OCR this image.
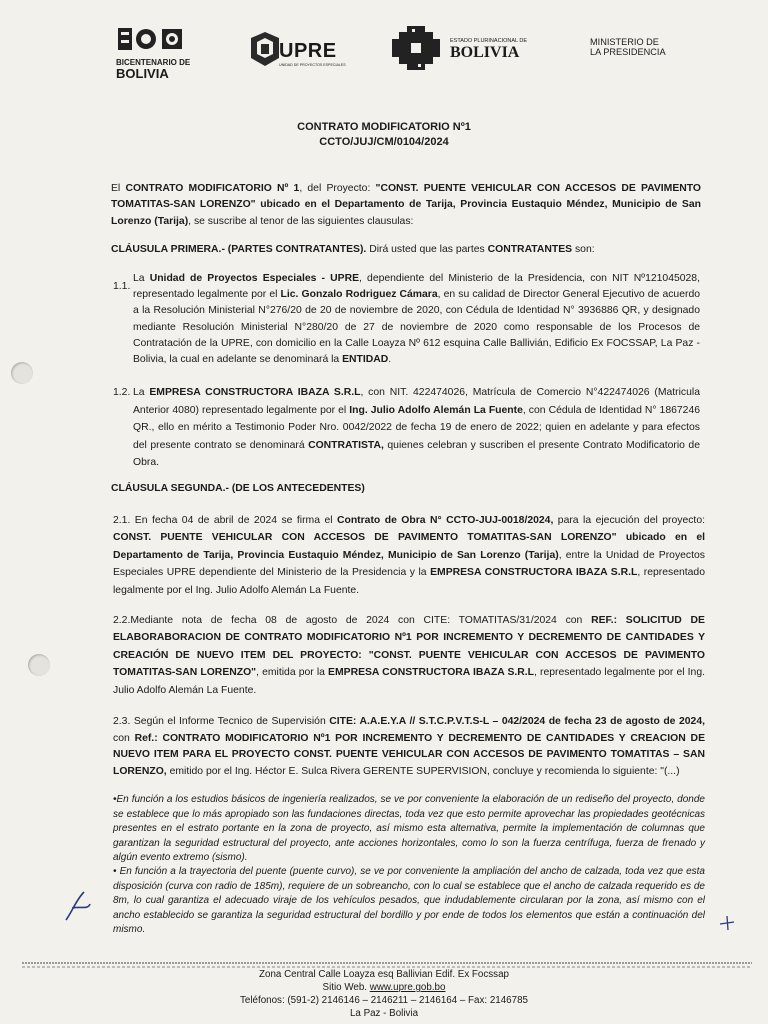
BICENTENARIO DE
BOLIVIA
UPRE
UNIDAD DE PROYECTOS ESPECIALES
ESTADO PLURINACIONAL DE
BOLIVIA
MINISTERIO DE
LA PRESIDENCIA
CONTRATO MODIFICATORIO Nº1
CCTO/JUJ/CM/0104/2024
El CONTRATO MODIFICATORIO Nº 1, del Proyecto: "CONST. PUENTE VEHICULAR CON ACCESOS DE PAVIMENTO TOMATITAS-SAN LORENZO" ubicado en el Departamento de Tarija, Provincia Eustaquio Méndez, Municipio de San Lorenzo (Tarija), se suscribe al tenor de las siguientes clausulas:
CLÁUSULA PRIMERA.- (PARTES CONTRATANTES). Dirá usted que las partes CONTRATANTES son:
1.1.
La Unidad de Proyectos Especiales - UPRE, dependiente del Ministerio de la Presidencia, con NIT Nº121045028, representado legalmente por el Lic. Gonzalo Rodriguez Cámara, en su calidad de Director General Ejecutivo de acuerdo a la Resolución Ministerial N°276/20 de 20 de noviembre de 2020, con Cédula de Identidad N° 3936886 QR, y designado mediante Resolución Ministerial N°280/20 de 27 de noviembre de 2020 como responsable de los Procesos de Contratación de la UPRE, con domicilio en la Calle Loayza Nº 612 esquina Calle Ballivián, Edificio Ex FOCSSAP, La Paz - Bolivia, la cual en adelante se denominará la ENTIDAD.
1.2. La EMPRESA CONSTRUCTORA IBAZA S.R.L, con NIT. 422474026, Matrícula de Comercio N°422474026 (Matricula Anterior 4080) representado legalmente por el Ing. Julio Adolfo Alemán La Fuente, con Cédula de Identidad N° 1867246 QR., ello en mérito a Testimonio Poder Nro. 0042/2022 de fecha 19 de enero de 2022; quien en adelante y para efectos del presente contrato se denominará CONTRATISTA, quienes celebran y suscriben el presente Contrato Modificatorio de Obra.
CLÁUSULA SEGUNDA.- (DE LOS ANTECEDENTES)
2.1. En fecha 04 de abril de 2024 se firma el Contrato de Obra N° CCTO-JUJ-0018/2024, para la ejecución del proyecto: CONST. PUENTE VEHICULAR CON ACCESOS DE PAVIMENTO TOMATITAS-SAN LORENZO" ubicado en el Departamento de Tarija, Provincia Eustaquio Méndez, Municipio de San Lorenzo (Tarija), entre la Unidad de Proyectos Especiales UPRE dependiente del Ministerio de la Presidencia y la EMPRESA CONSTRUCTORA IBAZA S.R.L, representado legalmente por el Ing. Julio Adolfo Alemán La Fuente.
2.2.Mediante nota de fecha 08 de agosto de 2024 con CITE: TOMATITAS/31/2024 con REF.: SOLICITUD DE ELABORABORACION DE CONTRATO MODIFICATORIO Nº1 POR INCREMENTO Y DECREMENTO DE CANTIDADES Y CREACIÓN DE NUEVO ITEM DEL PROYECTO: "CONST. PUENTE VEHICULAR CON ACCESOS DE PAVIMENTO TOMATITAS-SAN LORENZO", emitida por la EMPRESA CONSTRUCTORA IBAZA S.R.L, representado legalmente por el Ing. Julio Adolfo Alemán La Fuente.
2.3. Según el Informe Tecnico de Supervisión CITE: A.A.E.Y.A // S.T.C.P.V.T.S-L – 042/2024 de fecha 23 de agosto de 2024, con Ref.: CONTRATO MODIFICATORIO Nº1 POR INCREMENTO Y DECREMENTO DE CANTIDADES Y CREACION DE NUEVO ITEM PARA EL PROYECTO CONST. PUENTE VEHICULAR CON ACCESOS DE PAVIMENTO TOMATITAS – SAN LORENZO, emitido por el Ing. Héctor E. Sulca Rivera GERENTE SUPERVISION, concluye y recomienda lo siguiente: "(...)
•En función a los estudios básicos de ingeniería realizados, se ve por conveniente la elaboración de un rediseño del proyecto, donde se establece que lo más apropiado son las fundaciones directas, toda vez que esto permite aprovechar las propiedades geotécnicas presentes en el estrato portante en la zona de proyecto, así mismo esta alternativa, permite la implementación de columnas que garantizan la seguridad estructural del proyecto, ante acciones horizontales, como lo son la fuerza centrífuga, fuerza de frenado y algún evento extremo (sismo).
• En función a la trayectoria del puente (puente curvo), se ve por conveniente la ampliación del ancho de calzada, toda vez que esta disposición (curva con radio de 185m), requiere de un sobreancho, con lo cual se establece que el ancho de calzada requerido es de 8m, lo cual garantiza el adecuado viraje de los vehículos pesados, que indudablemente circularan por la zona, así mismo con el ancho establecido se garantiza la seguridad estructural del bordillo y por ende de todos los elementos que están a continuación del mismo.
Zona Central Calle Loayza esq Ballivian Edif. Ex Focssap
Sitio Web. www.upre.gob.bo
Teléfonos: (591-2) 2146146 – 2146211 – 2146164 – Fax: 2146785
La Paz - Bolivia
